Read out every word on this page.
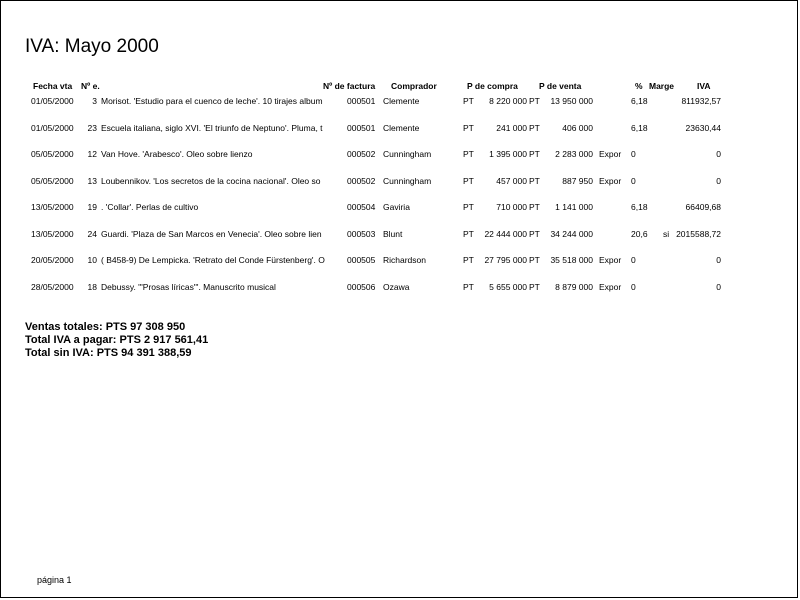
IVA: Mayo 2000
Fecha vta Nº e.	Nº de factura Comprador	P de compra P de venta	% Marge	IVA
01/05/2000	3 Morisot. 'Estudio para el cuenco de leche'. 10 tirajes album	000501 Clemente	PT	8 220 000 PT	13 950 000	6,18	811932,57
01/05/2000	23 Escuela italiana, siglo XVI. 'El triunfo de Neptuno'. Pluma, t	000501 Clemente	PT	241 000 PT	406 000	6,18	23630,44
05/05/2000	12 Van Hove. 'Arabesco'. Oleo sobre lienzo	000502 Cunningham	PT	1 395 000 PT	2 283 000 Expor	0	0
05/05/2000	13 Loubennikov. 'Los secretos de la cocina nacional'. Oleo so	000502 Cunningham	PT	457 000 PT	887 950 Expor	0	0
13/05/2000	19 . 'Collar'. Perlas de cultivo	000504 Gaviria	PT	710 000 PT	1 141 000	6,18	66409,68
13/05/2000	24 Guardi. 'Plaza de San Marcos en Venecia'. Oleo sobre lien	000503 Blunt	PT	22 444 000 PT	34 244 000	20,6	si 2015588,72
20/05/2000	10 ( B458-9) De Lempicka. 'Retrato del Conde Fürstenberg'. O	000505 Richardson	PT	27 795 000 PT	35 518 000 Expor	0	0
28/05/2000	18 Debussy. '"Prosas líricas"'. Manuscrito musical	000506 Ozawa	PT	5 655 000 PT	8 879 000 Expor	0	0
Ventas totales: PTS 97 308 950
Total IVA a pagar: PTS 2 917 561,41
Total sin IVA: PTS 94 391 388,59
página 1
